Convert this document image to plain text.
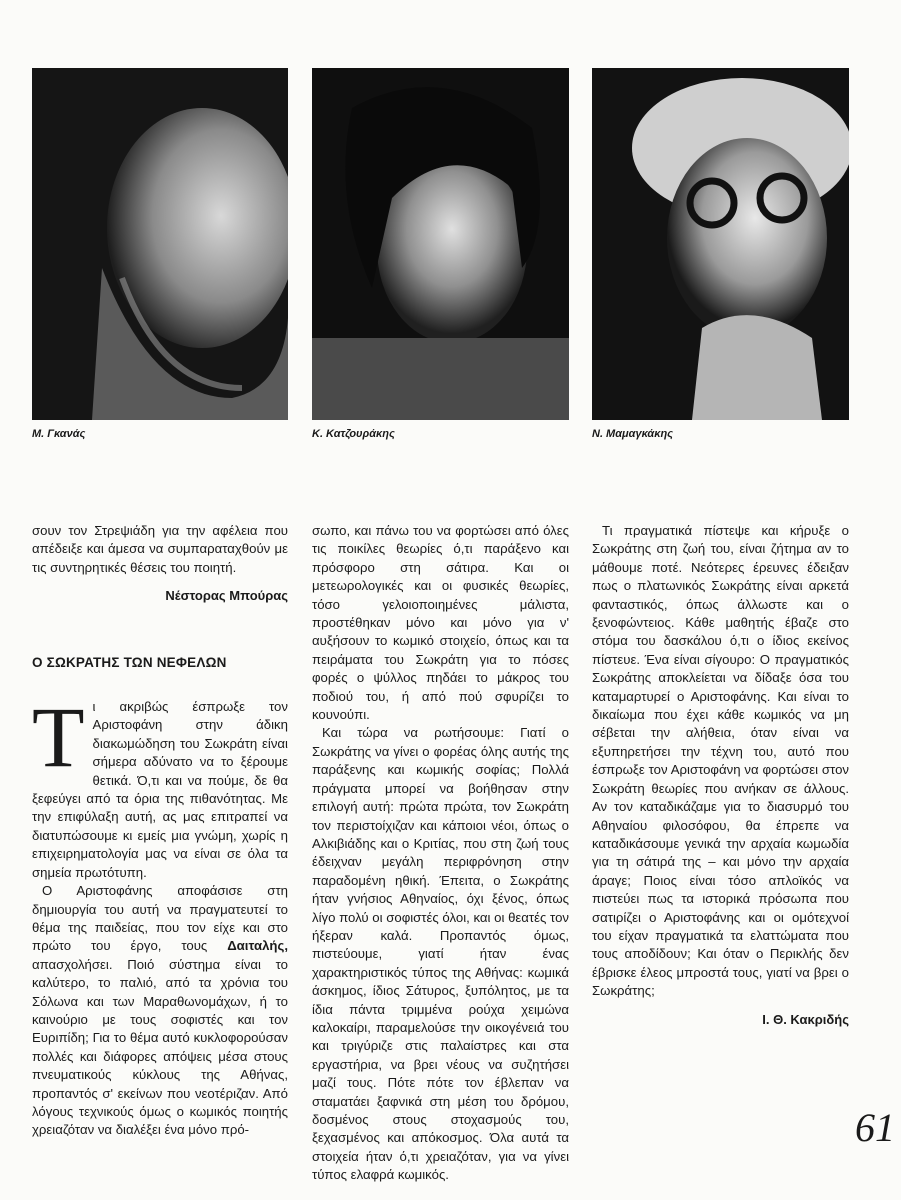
Μ. Γκανάς	Κ. Κατζουράκης	Ν. Μαμαγκάκης

σουν τον Στρεψιάδη για την αφέλεια που απέδειξε και άμεσα να συμπαραταχθούν με τις συντηρητικές θέσεις του ποιητή.

Νέστορας Μπούρας
Ο ΣΩΚΡΑΤΗΣ ΤΩΝ ΝΕΦΕΛΩΝ

Τι ακριβώς έσπρωξε τον Αριστοφάνη στην άδικη διακωμώδηση του Σωκράτη είναι σήμερα αδύνατο να το ξέρουμε θετικά. Ό,τι και να πούμε, δε θα ξεφεύγει από τα όρια της πιθανότητας. Με την επιφύλαξη αυτή, ας μας επιτραπεί να διατυπώσουμε κι εμείς μια γνώμη, χωρίς η επιχειρηματολογία μας να είναι σε όλα τα σημεία πρωτότυπη.

Ο Αριστοφάνης αποφάσισε στη δημιουργία του αυτή να πραγματευτεί το θέμα της παιδείας, που τον είχε και στο πρώτο του έργο, τους Δαιταλής, απασχολήσει. Ποιό σύστημα είναι το καλύτερο, το παλιό, από τα χρόνια του Σόλωνα και των Μαραθωνομάχων, ή το καινούριο με τους σοφιστές και τον Ευριπίδη; Για το θέμα αυτό κυκλοφορούσαν πολλές και διάφορες απόψεις μέσα στους πνευματικούς κύκλους της Αθήνας, προπαντός σ' εκείνων που νεοτέριζαν. Από λόγους τεχνικούς όμως ο κωμικός ποιητής χρειαζόταν να διαλέξει ένα μόνο πρό-

σωπο, και πάνω του να φορτώσει από όλες τις ποικίλες θεωρίες ό,τι παράξενο και πρόσφορο στη σάτιρα. Και οι μετεωρολογικές και οι φυσικές θεωρίες, τόσο γελοιοποιημένες μάλιστα, προστέθηκαν μόνο και μόνο για ν' αυξήσουν το κωμικό στοιχείο, όπως και τα πειράματα του Σωκράτη για το πόσες φορές ο ψύλλος πηδάει το μάκρος του ποδιού του, ή από πού σφυρίζει το κουνούπι.

Και τώρα να ρωτήσουμε: Γιατί ο Σωκράτης να γίνει ο φορέας όλης αυτής της παράξενης και κωμικής σοφίας; Πολλά πράγματα μπορεί να βοήθησαν στην επιλογή αυτή: πρώτα πρώτα, τον Σωκράτη τον περιστοίχιζαν και κάποιοι νέοι, όπως ο Αλκιβιάδης και ο Κριτίας, που στη ζωή τους έδειχναν μεγάλη περιφρόνηση στην παραδομένη ηθική. Έπειτα, ο Σωκράτης ήταν γνήσιος Αθηναίος, όχι ξένος, όπως λίγο πολύ οι σοφιστές όλοι, και οι θεατές τον ήξεραν καλά. Προπαντός όμως, πιστεύουμε, γιατί ήταν ένας χαρακτηριστικός τύπος της Αθήνας: κωμικά άσκημος, ίδιος Σάτυρος, ξυπόλητος, με τα ίδια πάντα τριμμένα ρούχα χειμώνα καλοκαίρι, παραμελούσε την οικογένειά του και τριγύριζε στις παλαίστρες και στα εργαστήρια, να βρει νέους να συζητήσει μαζί τους. Πότε πότε τον έβλεπαν να σταματάει ξαφνικά στη μέση του δρόμου, δοσμένος στους στοχασμούς του, ξεχασμένος και απόκοσμος. Όλα αυτά τα στοιχεία ήταν ό,τι χρειαζόταν, για να γίνει τύπος ελαφρά κωμικός.

Τι πραγματικά πίστεψε και κήρυξε ο Σωκράτης στη ζωή του, είναι ζήτημα αν το μάθουμε ποτέ. Νεότερες έρευνες έδειξαν πως ο πλατωνικός Σωκράτης είναι αρκετά φανταστικός, όπως άλλωστε και ο ξενοφώντειος. Κάθε μαθητής έβαζε στο στόμα του δασκάλου ό,τι ο ίδιος εκείνος πίστευε. Ένα είναι σίγουρο: Ο πραγματικός Σωκράτης αποκλείεται να δίδαξε όσα του καταμαρτυρεί ο Αριστοφάνης. Και είναι το δικαίωμα που έχει κάθε κωμικός να μη σέβεται την αλήθεια, όταν είναι να εξυπηρετήσει την τέχνη του, αυτό που έσπρωξε τον Αριστοφάνη να φορτώσει στον Σωκράτη θεωρίες που ανήκαν σε άλλους. Αν τον καταδικάζαμε για το διασυρμό του Αθηναίου φιλοσόφου, θα έπρεπε να καταδικάσουμε γενικά την αρχαία κωμωδία για τη σάτιρά της – και μόνο την αρχαία άραγε; Ποιος είναι τόσο απλοϊκός να πιστεύει πως τα ιστορικά πρόσωπα που σατιρίζει ο Αριστοφάνης και οι ομότεχνοί του είχαν πραγματικά τα ελαττώματα που τους αποδίδουν; Και όταν ο Περικλής δεν έβρισκε έλεος μπροστά τους, γιατί να βρει ο Σωκράτης;

Ι. Θ. Κακριδής
61
